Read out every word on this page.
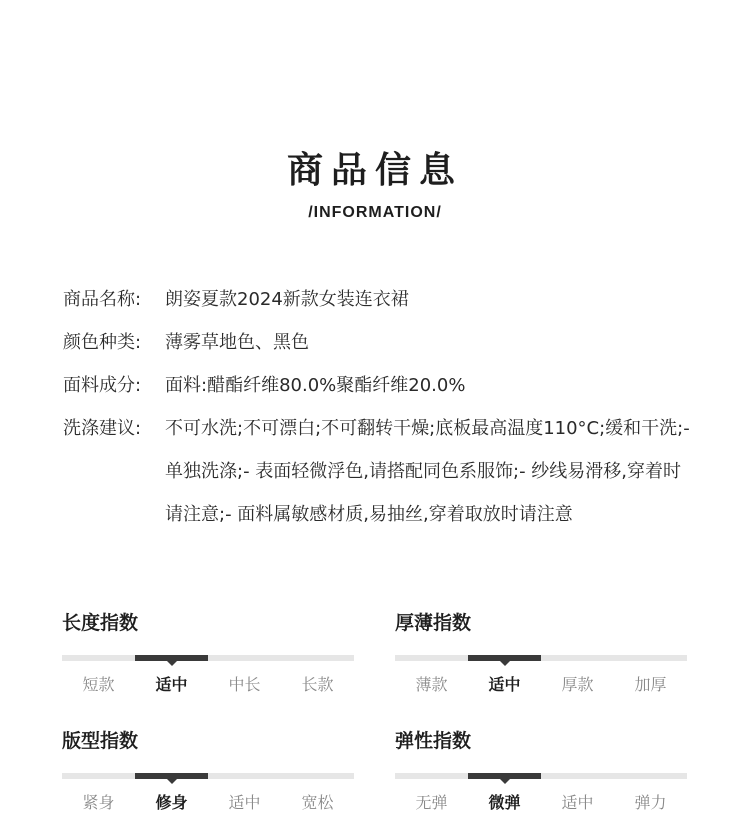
商品信息
/INFORMATION/
商品名称:	朗姿夏款2024新款女装连衣裙
颜色种类:	薄雾草地色、黑色
面料成分:	面料:醋酯纤维80.0%聚酯纤维20.0%
洗涤建议:	不可水洗;不可漂白;不可翻转干燥;底板最高温度110°C;缓和干洗;- 单独洗涤;- 表面轻微浮色,请搭配同色系服饰;- 纱线易滑移,穿着时请注意;- 面料属敏感材质,易抽丝,穿着取放时请注意
长度指数
短款	适中	中长	长款
厚薄指数
薄款	适中	厚款	加厚
版型指数
紧身	修身	适中	宽松
弹性指数
无弹	微弹	适中	弹力
